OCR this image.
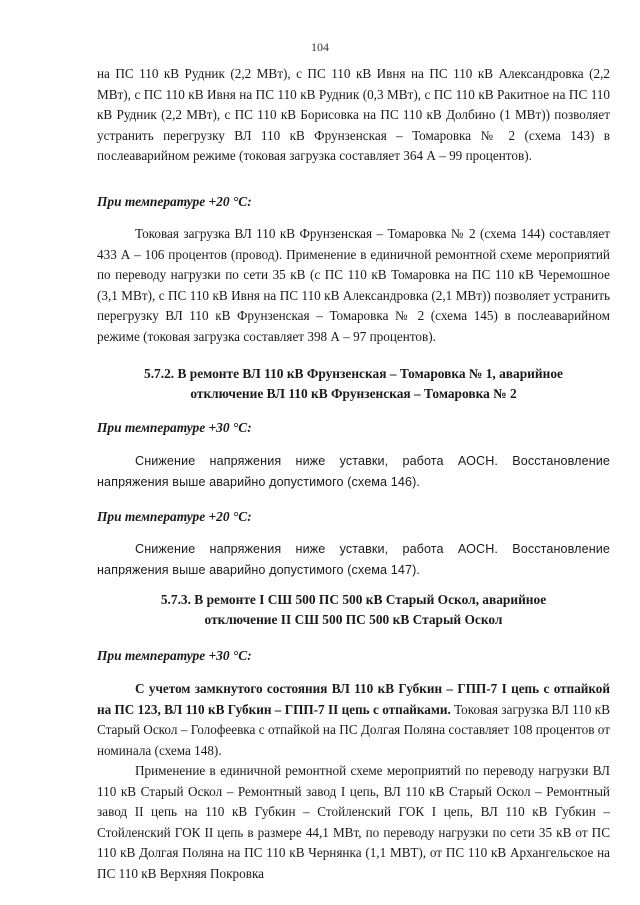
104

на ПС 110 кВ Рудник (2,2 МВт), с ПС 110 кВ Ивня на ПС 110 кВ Александровка (2,2 МВт), с ПС 110 кВ Ивня на ПС 110 кВ Рудник (0,3 МВт), с ПС 110 кВ Ракитное на ПС 110 кВ Рудник (2,2 МВт), с ПС 110 кВ Борисовка на ПС 110 кВ Долбино (1 МВт)) позволяет устранить перегрузку ВЛ 110 кВ Фрунзенская – Томаровка № 2 (схема 143) в послеаварийном режиме (токовая загрузка составляет 364 А – 99 процентов).

При температуре +20 °С:

Токовая загрузка ВЛ 110 кВ Фрунзенская – Томаровка № 2 (схема 144) составляет 433 А – 106 процентов (провод). Применение в единичной ремонтной схеме мероприятий по переводу нагрузки по сети 35 кВ (с ПС 110 кВ Томаровка на ПС 110 кВ Черемошное (3,1 МВт), с ПС 110 кВ Ивня на ПС 110 кВ Александровка (2,1 МВт)) позволяет устранить перегрузку ВЛ 110 кВ Фрунзенская – Томаровка № 2 (схема 145) в послеаварийном режиме (токовая загрузка составляет 398 А – 97 процентов).

5.7.2. В ремонте ВЛ 110 кВ Фрунзенская – Томаровка № 1, аварийное
отключение ВЛ 110 кВ Фрунзенская – Томаровка № 2
При температуре +30 °С:

Снижение напряжения ниже уставки, работа АОСН. Восстановление напряжения выше аварийно допустимого (схема 146).

При температуре +20 °С:

Снижение напряжения ниже уставки, работа АОСН. Восстановление напряжения выше аварийно допустимого (схема 147).

5.7.3. В ремонте I СШ 500 ПС 500 кВ Старый Оскол, аварийное
отключение II СШ 500 ПС 500 кВ Старый Оскол
При температуре +30 °С:

С учетом замкнутого состояния ВЛ 110 кВ Губкин – ГПП-7 I цепь с отпайкой на ПС 123, ВЛ 110 кВ Губкин – ГПП-7 II цепь с отпайками. Токовая загрузка ВЛ 110 кВ Старый Оскол – Голофеевка с отпайкой на ПС Долгая Поляна составляет 108 процентов от номинала (схема 148).

Применение в единичной ремонтной схеме мероприятий по переводу нагрузки ВЛ 110 кВ Старый Оскол – Ремонтный завод I цепь, ВЛ 110 кВ Старый Оскол – Ремонтный завод II цепь на 110 кВ Губкин – Стойленский ГОК I цепь, ВЛ 110 кВ Губкин – Стойленский ГОК II цепь в размере 44,1 МВт, по переводу нагрузки по сети 35 кВ от ПС 110 кВ Долгая Поляна на ПС 110 кВ Чернянка (1,1 МВТ), от ПС 110 кВ Архангельское на ПС 110 кВ Верхняя Покровка
